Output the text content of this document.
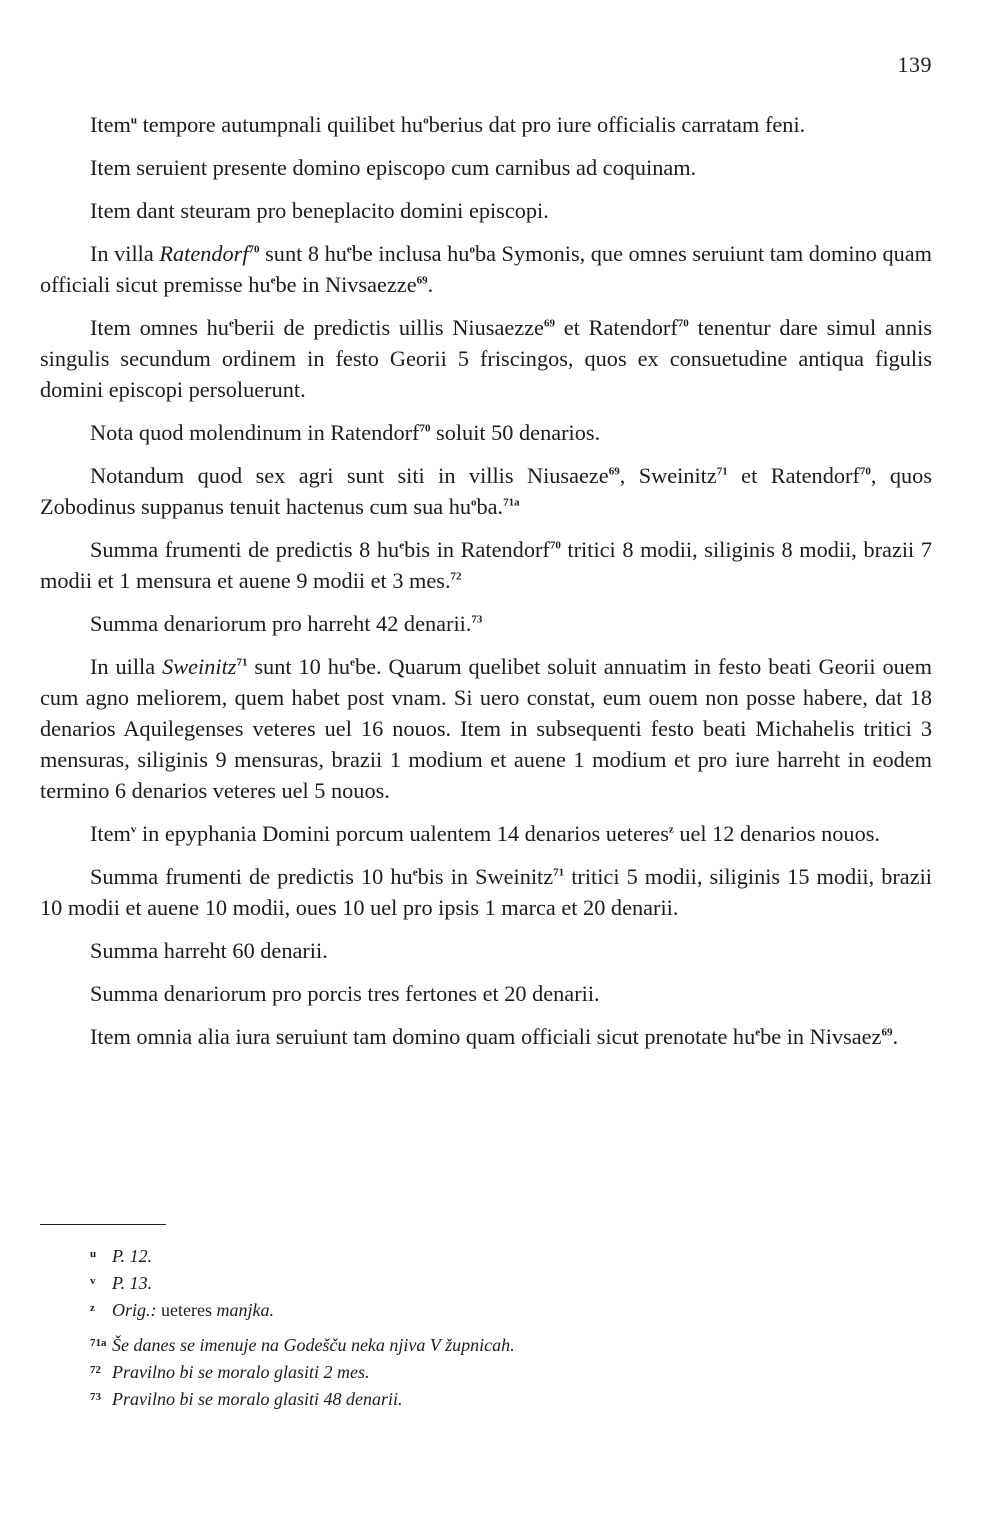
139

Item$^u$ tempore autumpnali quilibet $hu^oberius$ dat pro iure officialis carratam feni.

Item seruient presente domino episcopo cum carnibus ad coquinam.

Item dant steuram pro beneplacito domini episcopi.

In villa Ratendorf$^{70}$ sunt 8 $hu^ebe$ inclusa $hu^oba$ Symonis, que omnes seruiunt tam domino quam officiali sicut premisse $hu^ebe$ in Nivsaezze$^{69}$.

Item omnes $hu^eberii$ de predictis uillis Niusaezze$^{69}$ et Ratendorf$^{70}$ tenentur dare simul annis singulis secundum ordinem in festo Georii 5 friscingos, quos ex consuetudine antiqua figulis domini episcopi persoluerunt.

Nota quod molendinum in Ratendorf$^{70}$ soluit 50 denarios.

Notandum quod sex agri sunt siti in villis Niusaeze$^{69}$, Sweinitz$^{71}$ et Ratendorf$^{70}$, quos Zobodinus suppanus tenuit hactenus cum sua $hu^oba.^{71a}$

Summa frumenti de predictis 8 $hu^ebis$ in Ratendorf$^{70}$ tritici 8 modii, siliginis 8 modii, brazii 7 modii et 1 mensura et auene 9 modii et 3 mes.$^{72}$

Summa denariorum pro harreht 42 denarii.$^{73}$

In uilla Sweinitz$^{71}$ sunt 10 $hu^ebe$. Quarum quelibet soluit annuatim in festo beati Georii ouem cum agno meliorem, quem habet post vnam. Si uero constat, eum ouem non posse habere, dat 18 denarios Aquilegenses veteres uel 16 nouos. Item in subsequenti festo beati Michahelis tritici 3 mensuras, siliginis 9 mensuras, brazii 1 modium et auene 1 modium et pro iure harreht in eodem termino 6 denarios veteres uel 5 nouos.

Item$^v$ in epyphania Domini porcum ualentem 14 denarios ueteres$^z$ uel 12 denarios nouos.

Summa frumenti de predictis 10 $hu^ebis$ in Sweinitz$^{71}$ tritici 5 modii, siliginis 15 modii, brazii 10 modii et auene 10 modii, oues 10 uel pro ipsis 1 marca et 20 denarii.

Summa harreht 60 denarii.

Summa denariorum pro porcis tres fertones et 20 denarii.

Item omnia alia iura seruiunt tam domino quam officiali sicut prenotate $hu^ebe$ in Nivsaez$^{69}$.

u P. 12.
v P. 13.
z Orig.: ueteres manjka.
71a Še danes se imenuje na Godešču neka njiva V župnicah.
72 Pravilno bi se moralo glasiti 2 mes.
73 Pravilno bi se moralo glasiti 48 denarii.
